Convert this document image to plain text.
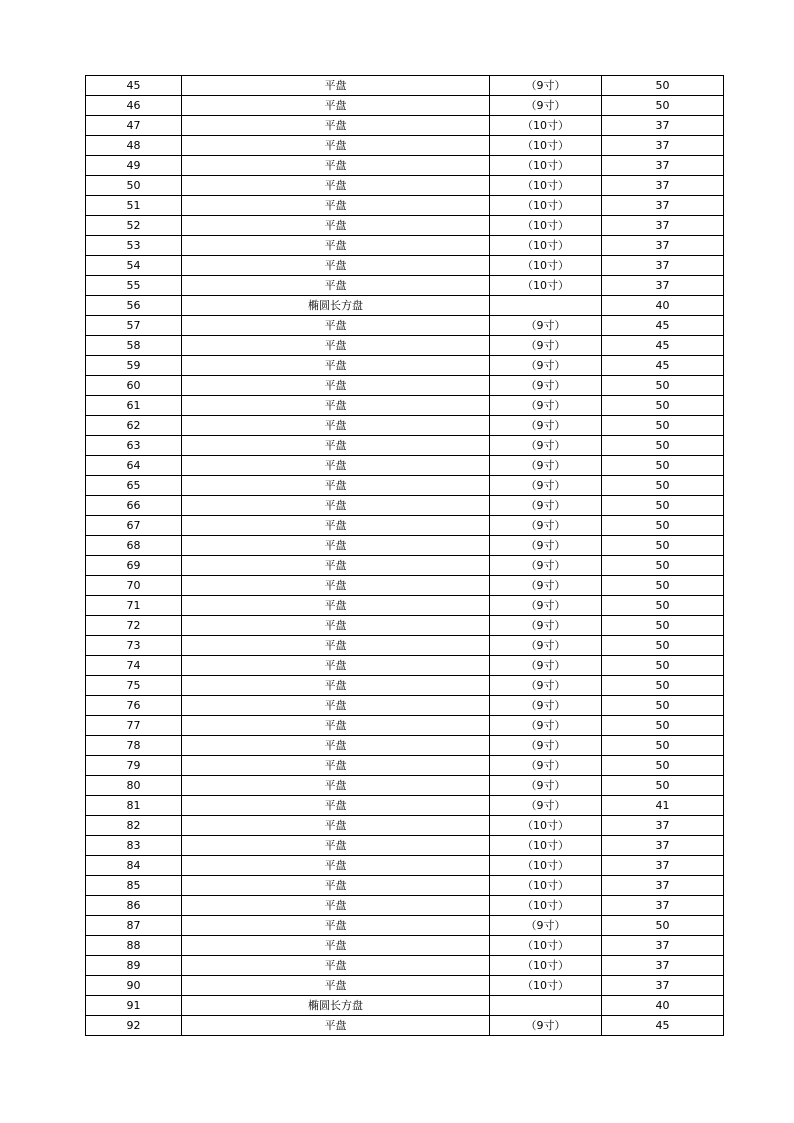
45	平盘	（9寸）	50
46	平盘	（9寸）	50
47	平盘	（10寸）	37
48	平盘	（10寸）	37
49	平盘	（10寸）	37
50	平盘	（10寸）	37
51	平盘	（10寸）	37
52	平盘	（10寸）	37
53	平盘	（10寸）	37
54	平盘	（10寸）	37
55	平盘	（10寸）	37
56	椭圆长方盘		40
57	平盘	（9寸）	45
58	平盘	（9寸）	45
59	平盘	（9寸）	45
60	平盘	（9寸）	50
61	平盘	（9寸）	50
62	平盘	（9寸）	50
63	平盘	（9寸）	50
64	平盘	（9寸）	50
65	平盘	（9寸）	50
66	平盘	（9寸）	50
67	平盘	（9寸）	50
68	平盘	（9寸）	50
69	平盘	（9寸）	50
70	平盘	（9寸）	50
71	平盘	（9寸）	50
72	平盘	（9寸）	50
73	平盘	（9寸）	50
74	平盘	（9寸）	50
75	平盘	（9寸）	50
76	平盘	（9寸）	50
77	平盘	（9寸）	50
78	平盘	（9寸）	50
79	平盘	（9寸）	50
80	平盘	（9寸）	50
81	平盘	（9寸）	41
82	平盘	（10寸）	37
83	平盘	（10寸）	37
84	平盘	（10寸）	37
85	平盘	（10寸）	37
86	平盘	（10寸）	37
87	平盘	（9寸）	50
88	平盘	（10寸）	37
89	平盘	（10寸）	37
90	平盘	（10寸）	37
91	椭圆长方盘		40
92	平盘	（9寸）	45
